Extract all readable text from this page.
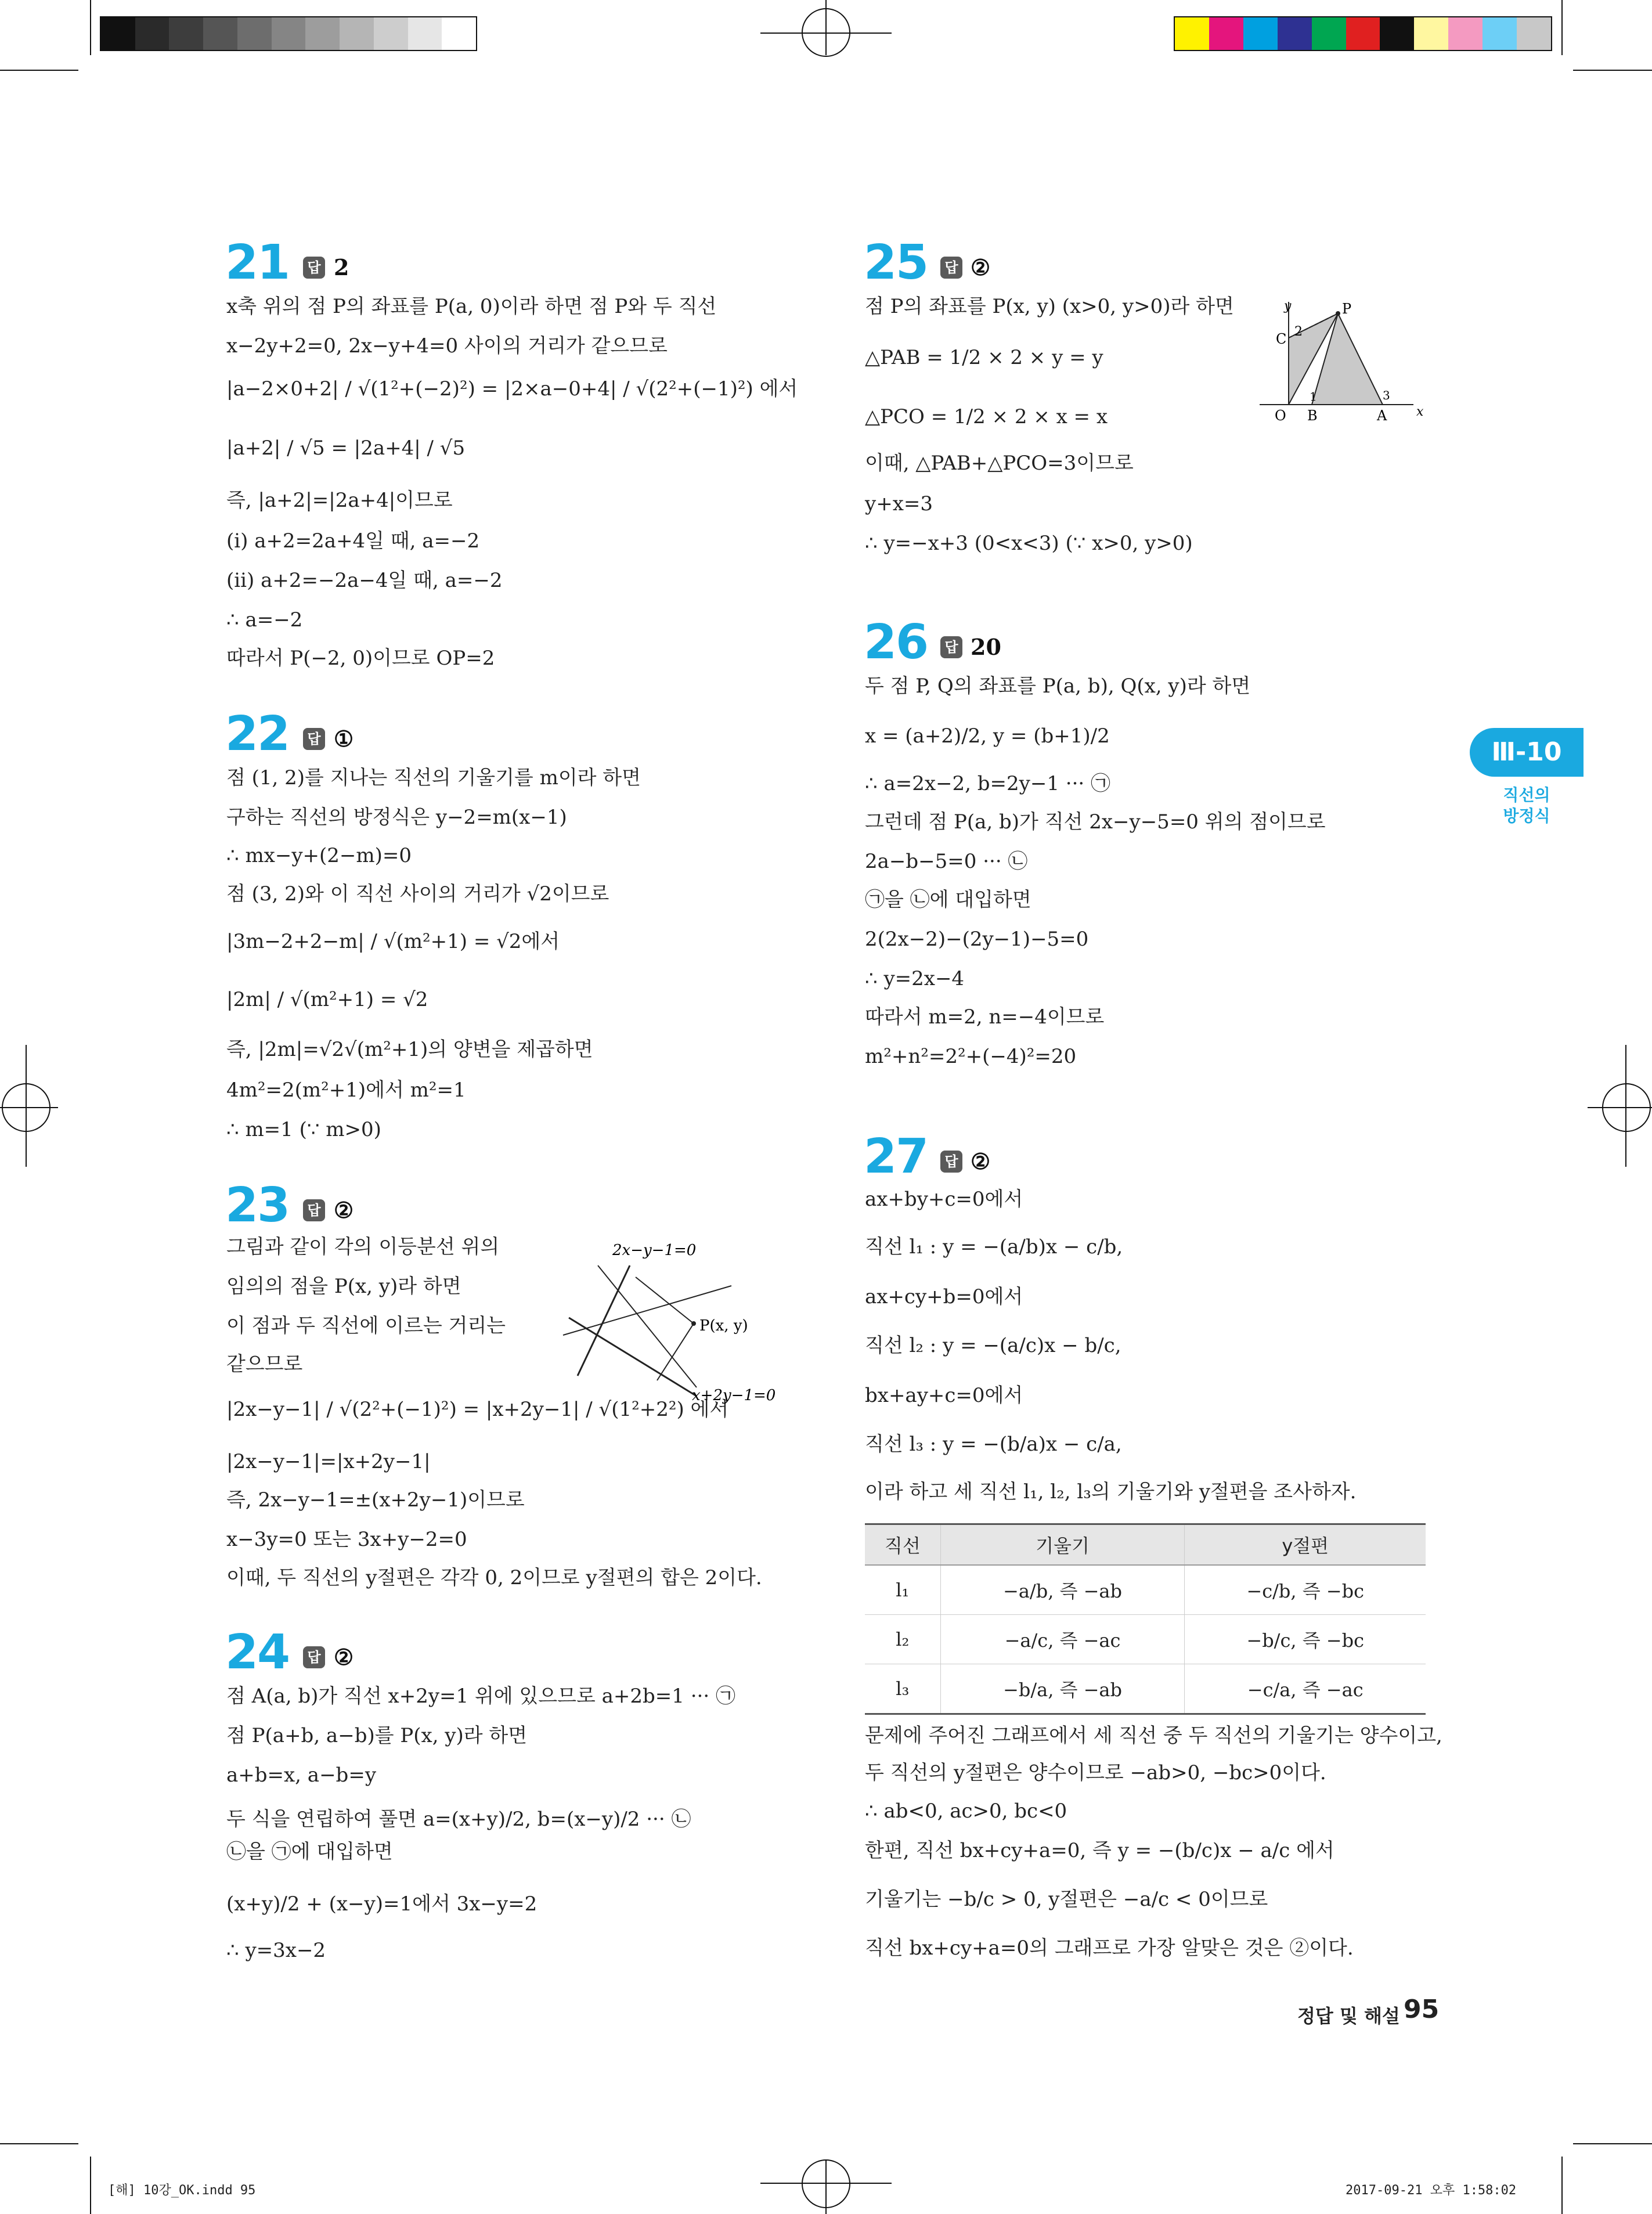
21	답 2
x축 위의 점 P의 좌표를 P(a, 0)이라 하면 점 P와 두 직선
x−2y+2=0, 2x−y+4=0 사이의 거리가 같으므로
|a−2×0+2| / √(1²+(−2)²) = |2×a−0+4| / √(2²+(−1)²) 에서
|a+2| / √5 = |2a+4| / √5
즉, |a+2|=|2a+4|이므로
(ⅰ) a+2=2a+4일 때, a=−2
(ⅱ) a+2=−2a−4일 때, a=−2
∴ a=−2
따라서 P(−2, 0)이므로 OP=2
22	답 ①
점 (1, 2)를 지나는 직선의 기울기를 m이라 하면
구하는 직선의 방정식은 y−2=m(x−1)
∴ mx−y+(2−m)=0
점 (3, 2)와 이 직선 사이의 거리가 √2이므로
|3m−2+2−m| / √(m²+1) = √2에서
|2m| / √(m²+1) = √2
즉, |2m|=√2√(m²+1)의 양변을 제곱하면
4m²=2(m²+1)에서 m²=1
∴ m=1 (∵ m>0)
23	답 ②
그림과 같이 각의 이등분선 위의
임의의 점을 P(x, y)라 하면
이 점과 두 직선에 이르는 거리는
같으므로
|2x−y−1| / √(2²+(−1)²) = |x+2y−1| / √(1²+2²) 에서
|2x−y−1|=|x+2y−1|
즉, 2x−y−1=±(x+2y−1)이므로
x−3y=0 또는 3x+y−2=0
이때, 두 직선의 y절편은 각각 0, 2이므로 y절편의 합은 2이다.
2x−y−1=0
P(x, y)
x+2y−1=0
24	답 ②
점 A(a, b)가 직선 x+2y=1 위에 있으므로 a+2b=1 ··· ㉠
점 P(a+b, a−b)를 P(x, y)라 하면
a+b=x, a−b=y
두 식을 연립하여 풀면 a=(x+y)/2, b=(x−y)/2 ··· ㉡
㉡을 ㉠에 대입하면
(x+y)/2 + (x−y)=1에서 3x−y=2
∴ y=3x−2
25	답 ②
점 P의 좌표를 P(x, y) (x>0, y>0)라 하면
△PAB = 1/2 × 2 × y = y
△PCO = 1/2 × 2 × x = x
이때, △PAB+△PCO=3이므로
y+x=3
∴ y=−x+3 (0<x<3) (∵ x>0, y>0)
y
x
C 2
P
O B	A
1	3
26	답 20
두 점 P, Q의 좌표를 P(a, b), Q(x, y)라 하면
x = (a+2)/2, y = (b+1)/2
∴ a=2x−2, b=2y−1 ··· ㉠
그런데 점 P(a, b)가 직선 2x−y−5=0 위의 점이므로
2a−b−5=0 ··· ㉡
㉠을 ㉡에 대입하면
2(2x−2)−(2y−1)−5=0
∴ y=2x−4
따라서 m=2, n=−4이므로
m²+n²=2²+(−4)²=20
27	답 ②
ax+by+c=0에서
직선 l₁ : y = −(a/b)x − c/b,
ax+cy+b=0에서
직선 l₂ : y = −(a/c)x − b/c,
bx+ay+c=0에서
직선 l₃ : y = −(b/a)x − c/a,
이라 하고 세 직선 l₁, l₂, l₃의 기울기와 y절편을 조사하자.
직선	기울기	y절편
l₁	−a/b, 즉 −ab	−c/b, 즉 −bc
l₂	−a/c, 즉 −ac	−b/c, 즉 −bc
l₃	−b/a, 즉 −ab	−c/a, 즉 −ac
문제에 주어진 그래프에서 세 직선 중 두 직선의 기울기는 양수이고,
두 직선의 y절편은 양수이므로 −ab>0, −bc>0이다.
∴ ab<0, ac>0, bc<0
한편, 직선 bx+cy+a=0, 즉 y = −(b/c)x − a/c 에서
기울기는 −b/c > 0, y절편은 −a/c < 0이므로
직선 bx+cy+a=0의 그래프로 가장 알맞은 것은 ②이다.
Ⅲ-10
직선의
방정식
정답 및 해설 95
[해] 10강_OK.indd 95	2017-09-21 오후 1:58:02
